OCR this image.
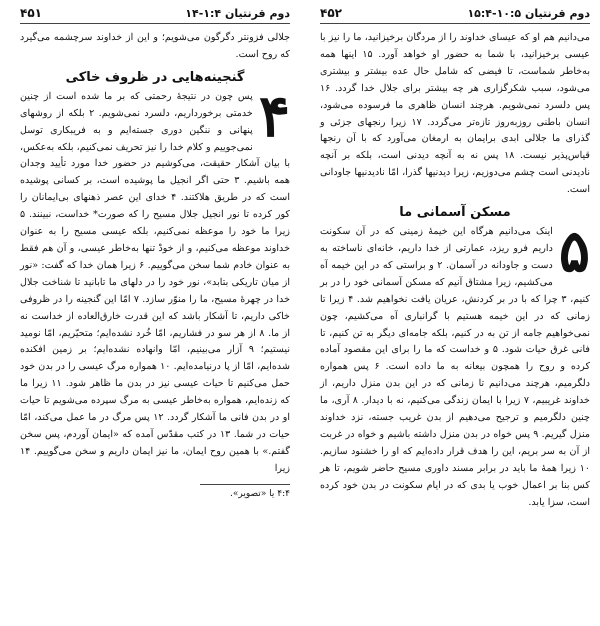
دوم قرنتیان ۱۰:۵-۱۵:۴
۴۵۲

می‌دانیم هم او که عیسای خداوند را از مردگان برخیزانید، ما را نیز با عیسی برخیزانید، با شما به حضور او خواهد آورد. ۱۵ اینها همه به‌خاطر شماست، تا فیضی که شامل حال عده بیشتر و بیشتری می‌شود، سبب شکرگزاری هر چه بیشتر برای جلال خدا گردد. ۱۶ پس دلسرد نمی‌شویم. هرچند انسان ظاهری ما فرسوده می‌شود، انسان باطنی روزبه‌روز تازه‌تر می‌گردد. ۱۷ زیرا رنجهای جزئی و گذرای ما جلالی ابدی برایمان به ارمغان می‌آورد که با آن رنجها قیاس‌پذیر نیست. ۱۸ پس نه به آنچه دیدنی است، بلکه بر آنچه نادیدنی است چشم می‌دوزیم، زیرا دیدنیها گذرا، امّا نادیدنیها جاودانی است.

مسکن آسمانی ما
۵

اینک می‌دانیم هرگاه این خیمهٔ زمینی که در آن سکونت داریم فرو ریزد، عمارتی از خدا داریم، خانه‌ای ناساخته به دست و جاودانه در آسمان. ۲ و براستی که در این خیمه آه می‌کشیم، زیرا مشتاق آنیم که مسکن آسمانی خود را در بر کنیم، ۳ چرا که با در بر کردنش، عریان یافت نخواهیم شد. ۴ زیرا تا زمانی که در این خیمه هستیم با گرانباری آه می‌کشیم، چون نمی‌خواهیم جامه از تن به در کنیم، بلکه جامه‌ای دیگر به تن کنیم، تا فانی غرق حیات شود. ۵ و خداست که ما را برای این مقصود آماده کرده و روح را همچون بیعانه به ما داده است. ۶ پس همواره دلگرمیم، هرچند می‌دانیم تا زمانی که در این بدن منزل داریم، از خداوند غریبیم، ۷ زیرا با ایمان زندگی می‌کنیم، نه با دیدار. ۸ آری، ما چنین دلگرمیم و ترجیح می‌دهیم از بدن غریب جسته، نزد خداوند منزل گیریم. ۹ پس خواه در بدن منزل داشته باشیم و خواه در غربت از آن به سر بریم، این را هدف قرار داده‌ایم که او را خشنود سازیم. ۱۰ زیرا همهٔ ما باید در برابر مسند داوری مسیح حاضر شویم، تا هر کس بنا بر اعمال خوب یا بدی که در ایام سکونت در بدن خود کرده است، سزا یابد.

دوم قرنتیان ۱:۴-۱۴
۴۵۱

جلالی فزونتر دگرگون می‌شویم؛ و این از خداوند سرچشمه می‌گیرد که روح است.

گنجینه‌هایی در ظروف خاکی
۴

پس چون در نتیجهٔ رحمتی که بر ما شده است از چنین خدمتی برخورداریم، دلسرد نمی‌شویم. ۲ بلکه از روشهای پنهانی و ننگین دوری جسته‌ایم و به فریبکاری توسل نمی‌جوییم و کلام خدا را نیز تحریف نمی‌کنیم، بلکه به‌عکس، با بیان آشکار حقیقت، می‌کوشیم در حضور خدا مورد تأیید وجدان همه باشیم. ۳ حتی اگر انجیل ما پوشیده است، بر کسانی پوشیده است که در طریق هلاکتند. ۴ خدای این عصر ذهنهای بی‌ایمانان را کور کرده تا نور انجیل جلال مسیح را که صورت* خداست، نبینند. ۵ زیرا ما خود را موعظه نمی‌کنیم، بلکه عیسی مسیح را به عنوان خداوند موعظه می‌کنیم، و از خودْ تنها به‌خاطر عیسی، و آن هم فقط به عنوان خادم شما سخن می‌گوییم. ۶ زیرا همان خدا که گفت: «نور از میان تاریکی بتابد»، نور خود را در دلهای ما تابانید تا شناخت جلال خدا در چهرهٔ مسیح، ما را منوّر سازد. ۷ امّا این گنجینه را در ظروفی خاکی داریم، تا آشکار باشد که این قدرت خارق‌العاده از خداست نه از ما. ۸ از هر سو در فشاریم، امّا خُرد نشده‌ایم؛ متحیّریم، امّا نومید نیستیم؛ ۹ آزار می‌بینیم، امّا وانهاده نشده‌ایم؛ بر زمین افکنده شده‌ایم، امّا از پا درنیامده‌ایم. ۱۰ همواره مرگ عیسی را در بدن خود حمل می‌کنیم تا حیات عیسی نیز در بدن ما ظاهر شود. ۱۱ زیرا ما که زنده‌ایم، همواره به‌خاطر عیسی به مرگ سپرده می‌شویم تا حیات او در بدن فانی ما آشکار گردد. ۱۲ پس مرگ در ما عمل می‌کند، امّا حیات در شما. ۱۳ در کتب مقدّس آمده که «ایمان آوردم، پس سخن گفتم.» با همین روح ایمان، ما نیز ایمان داریم و سخن می‌گوییم. ۱۴ زیرا

۴:۴ یا «تصویر».
